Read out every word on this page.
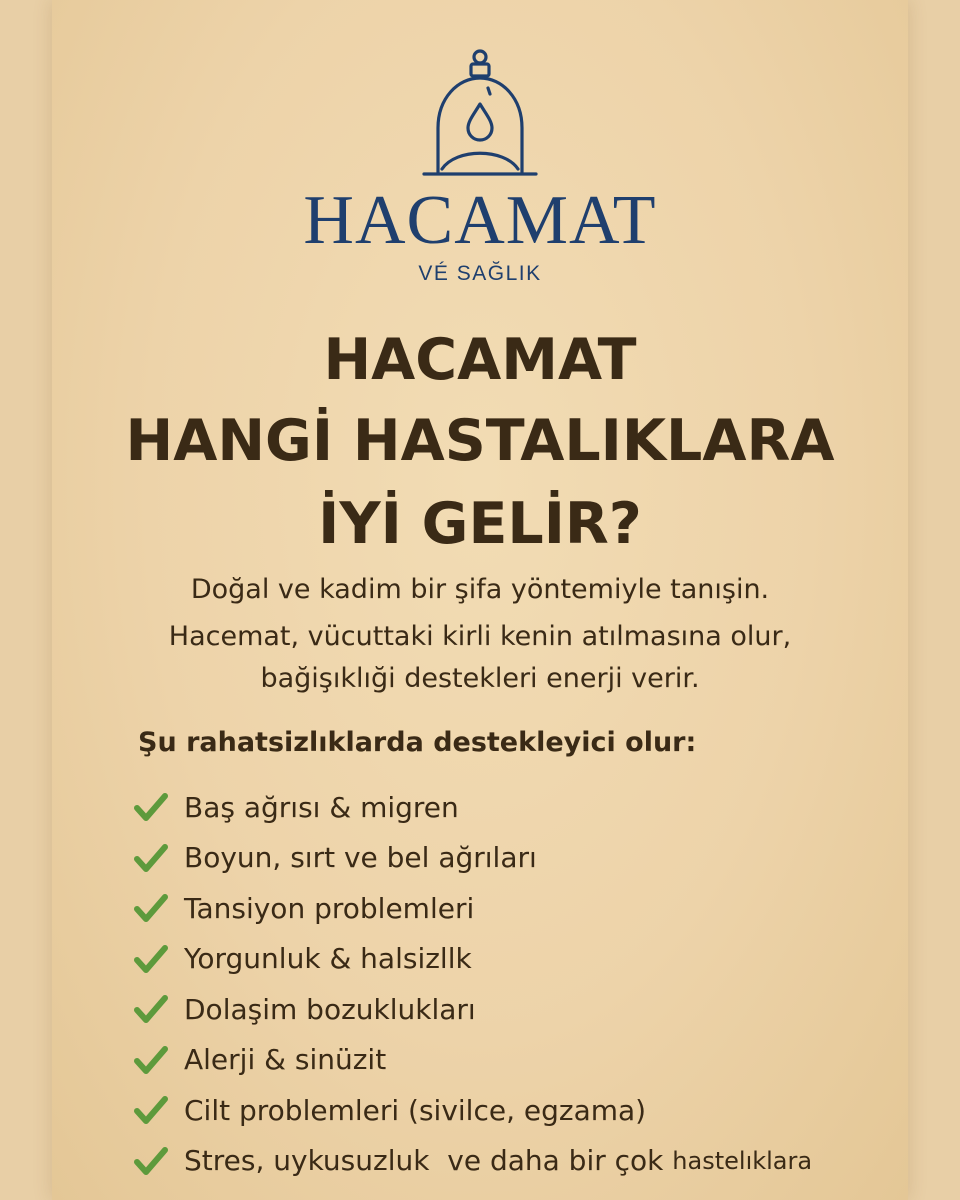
HACAMAT
VÉ SAĞLIK
HACAMAT
HANGİ HASTALIKLARA
İYİ GELİR?
Doğal ve kadim bir şifa yöntemiyle tanışin.
Hacemat, vücuttaki kirli kenin atılmasına olur,
bağişıklıği destekleri enerji verir.
Şu rahatsizlıklarda destekleyici olur:
Baş ağrısı & migren
Boyun, sırt ve bel ağrıları
Tansiyon problemleri
Yorgunluk & halsizllk
Dolaşim bozuklukları
Alerji & sinüzit
Cilt problemleri (sivilce, egzama)
Stres, uykusuzluk  ve daha bir çok
hastelıklara
